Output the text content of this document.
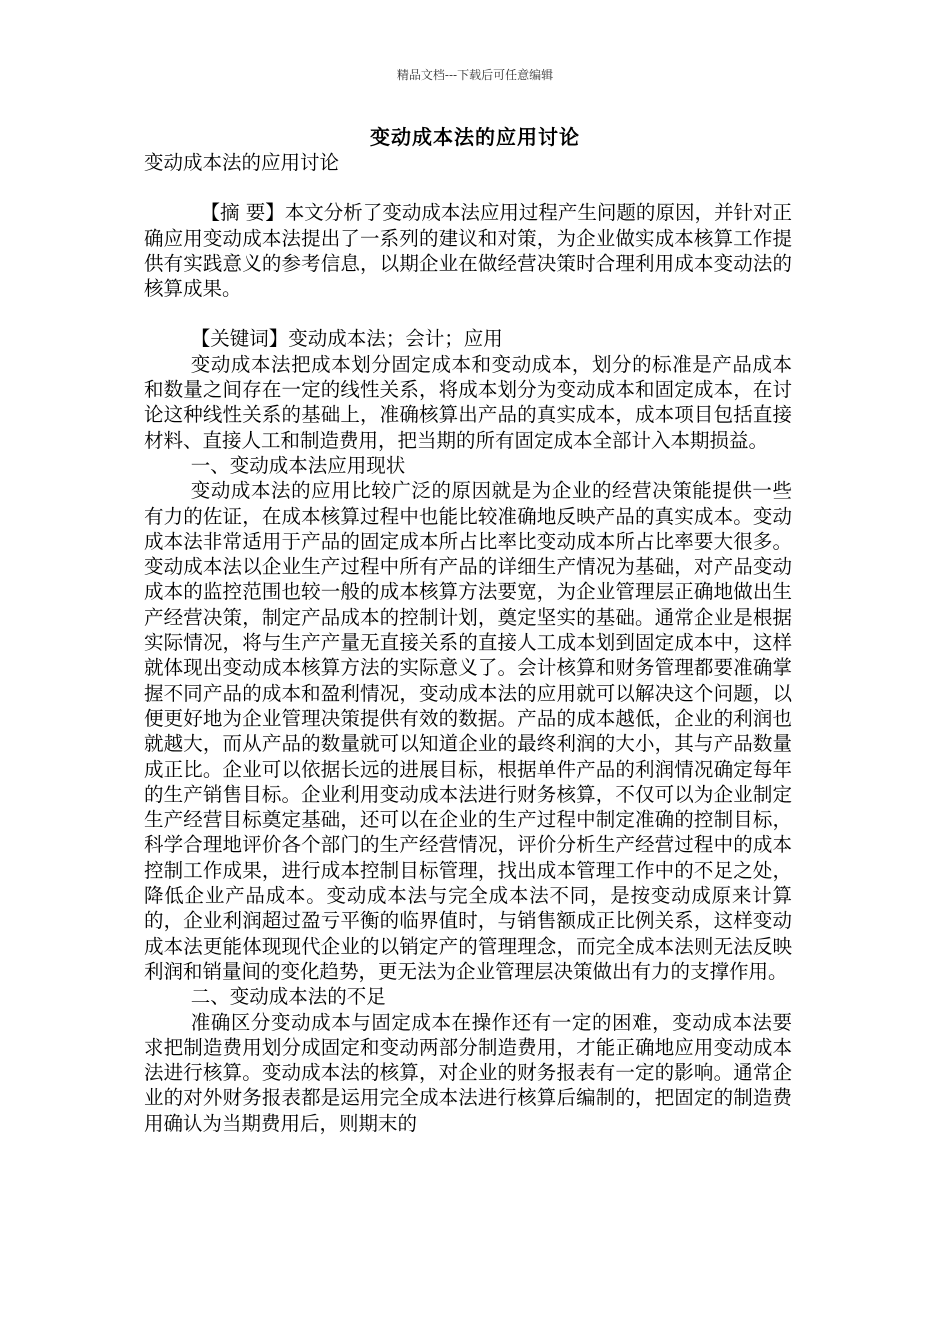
精品文档---下载后可任意编辑
变动成本法的应用讨论

变动成本法的应用讨论

【摘 要】本文分析了变动成本法应用过程产生问题的原因，并针对正确应用变动成本法提出了一系列的建议和对策，为企业做实成本核算工作提供有实践意义的参考信息，以期企业在做经营决策时合理利用成本变动法的核算成果。

【关键词】变动成本法；会计；应用

变动成本法把成本划分固定成本和变动成本，划分的标准是产品成本和数量之间存在一定的线性关系，将成本划分为变动成本和固定成本，在讨论这种线性关系的基础上，准确核算出产品的真实成本，成本项目包括直接材料、直接人工和制造费用，把当期的所有固定成本全部计入本期损益。

一、变动成本法应用现状

变动成本法的应用比较广泛的原因就是为企业的经营决策能提供一些有力的佐证，在成本核算过程中也能比较准确地反映产品的真实成本。变动成本法非常适用于产品的固定成本所占比率比变动成本所占比率要大很多。变动成本法以企业生产过程中所有产品的详细生产情况为基础，对产品变动成本的监控范围也较一般的成本核算方法要宽，为企业管理层正确地做出生产经营决策，制定产品成本的控制计划，奠定坚实的基础。通常企业是根据实际情况，将与生产产量无直接关系的直接人工成本划到固定成本中，这样就体现出变动成本核算方法的实际意义了。会计核算和财务管理都要准确掌握不同产品的成本和盈利情况，变动成本法的应用就可以解决这个问题，以便更好地为企业管理决策提供有效的数据。产品的成本越低，企业的利润也就越大，而从产品的数量就可以知道企业的最终利润的大小，其与产品数量成正比。企业可以依据长远的进展目标，根据单件产品的利润情况确定每年的生产销售目标。企业利用变动成本法进行财务核算，不仅可以为企业制定生产经营目标奠定基础，还可以在企业的生产过程中制定准确的控制目标，科学合理地评价各个部门的生产经营情况，评价分析生产经营过程中的成本控制工作成果，进行成本控制目标管理，找出成本管理工作中的不足之处，降低企业产品成本。变动成本法与完全成本法不同，是按变动成原来计算的，企业利润超过盈亏平衡的临界值时，与销售额成正比例关系，这样变动成本法更能体现现代企业的以销定产的管理理念，而完全成本法则无法反映利润和销量间的变化趋势，更无法为企业管理层决策做出有力的支撑作用。

二、变动成本法的不足

准确区分变动成本与固定成本在操作还有一定的困难，变动成本法要求把制造费用划分成固定和变动两部分制造费用，才能正确地应用变动成本法进行核算。变动成本法的核算，对企业的财务报表有一定的影响。通常企业的对外财务报表都是运用完全成本法进行核算后编制的，把固定的制造费用确认为当期费用后，则期末的
